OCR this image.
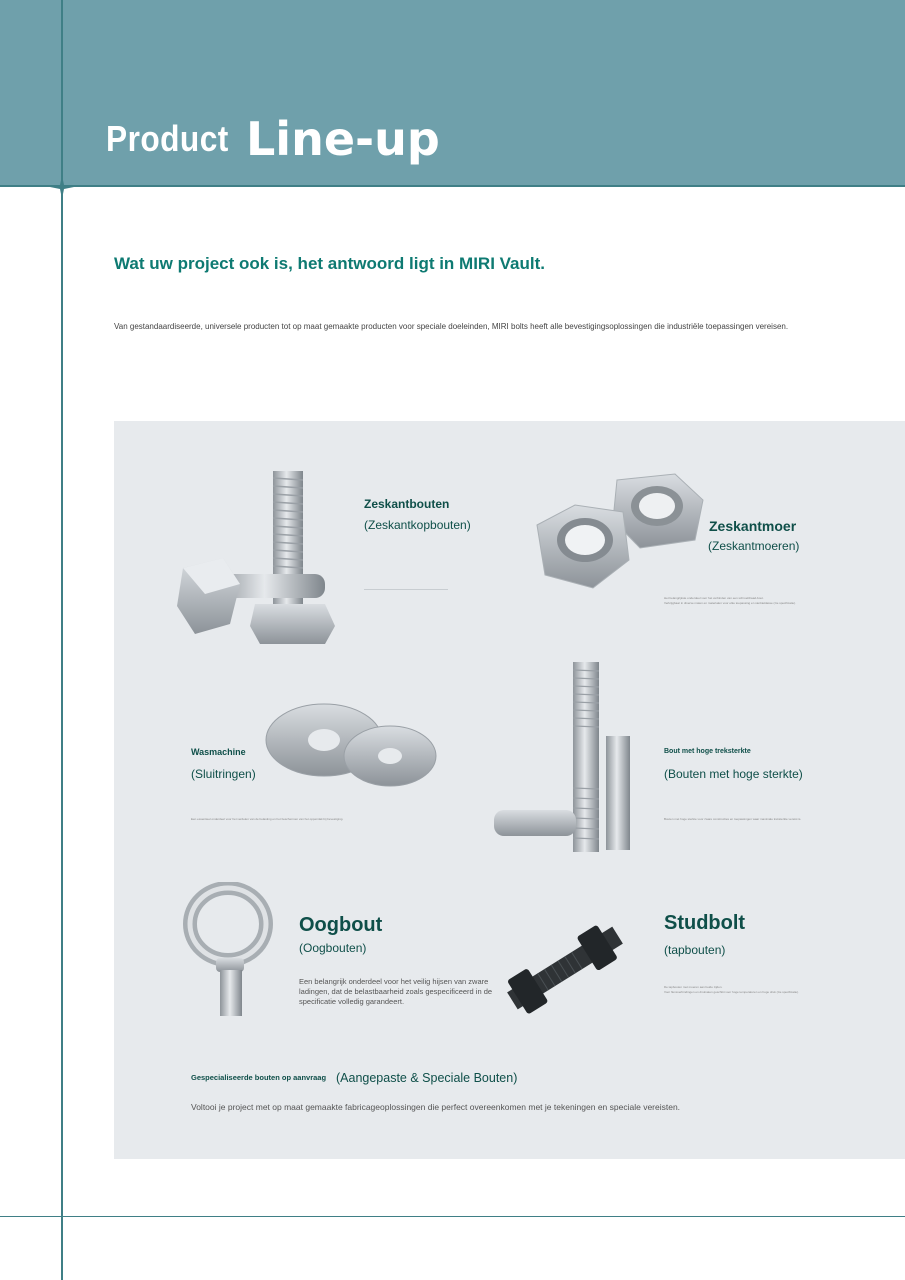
Product Line-up
Wat uw project ook is, het antwoord ligt in MIRI Vault.
Van gestandaardiseerde, universele producten tot op maat gemaakte producten voor speciale doeleinden, MIRI bolts heeft alle bevestigingsoplossingen die industriële toepassingen vereisen.
Zeskantbouten
(Zeskantkopbouten)	Zeskantmoer
(Zeskantmoeren)
Het belangrijkste onderdeel voor het verbinden van een schroefdraad-bout.
Verkrijgbaar in diverse maten en materialen voor elke toepassing en sterkteklasse (zie specificatie).
Wasmachine
(Sluitringen)
Een essentieel onderdeel voor het verdelen van de belasting en het beschermen van het oppervlak bij bevestiging.
Bout met hoge treksterkte
(Bouten met hoge sterkte)
Bouten met hoge sterkte voor zware constructies en toepassingen waar maximale treksterkte vereist is.
Oogbout
(Oogbouten)
Een belangrijk onderdeel voor het veilig hijsen van zware ladingen, dat de belastbaarheid zoals gespecificeerd in de specificatie volledig garandeert.
Studbolt
(tapbouten)
De tapbouten met moeren aan beide zijden.
Voor flensverbindingen en drukvaten geschikt voor hoge temperaturen en hoge druk (zie specificatie).
Gespecialiseerde bouten op aanvraag (Aangepaste & Speciale Bouten)
Voltooi je project met op maat gemaakte fabricageoplossingen die perfect overeenkomen met je tekeningen en speciale vereisten.
